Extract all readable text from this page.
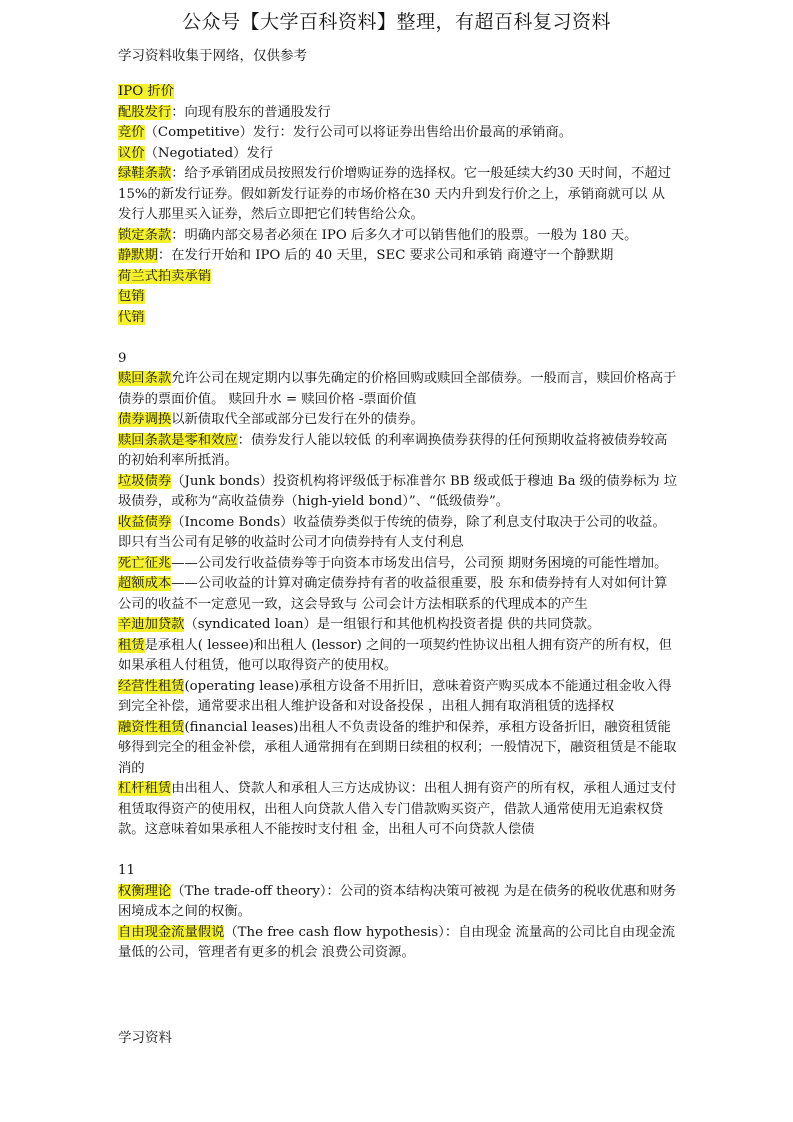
公众号【大学百科资料】整理，有超百科复习资料
学习资料收集于网络，仅供参考

IPO 折价

配股发行：向现有股东的普通股发行

竞价（Competitive）发行：发行公司可以将证券出售给出价最高的承销商。

议价（Negotiated）发行

绿鞋条款：给予承销团成员按照发行价增购证券的选择权。它一般延续大约30 天时间，不超过 15%的新发行证券。假如新发行证券的市场价格在30 天内升到发行价之上，承销商就可以 从发行人那里买入证券，然后立即把它们转售给公众。

锁定条款：明确内部交易者必须在 IPO 后多久才可以销售他们的股票。一般为 180 天。

静默期：在发行开始和 IPO 后的 40 天里，SEC 要求公司和承销 商遵守一个静默期

荷兰式拍卖承销

包销

代销

9

赎回条款允许公司在规定期内以事先确定的价格回购或赎回全部债券。一般而言，赎回价格高于债券的票面价值。 赎回升水 = 赎回价格 -票面价值

债券调换以新债取代全部或部分已发行在外的债券。

赎回条款是零和效应：债券发行人能以较低 的利率调换债券获得的任何预期收益将被债券较高的初始利率所抵消。

垃圾债券（Junk bonds）投资机构将评级低于标准普尔 BB 级或低于穆迪 Ba 级的债券标为 垃圾债券，或称为“高收益债券（high-yield bond）”、“低级债券”。

收益债券（Income Bonds）收益债券类似于传统的债券，除了利息支付取决于公司的收益。即只有当公司有足够的收益时公司才向债券持有人支付利息

死亡征兆——公司发行收益债券等于向资本市场发出信号，公司预 期财务困境的可能性增加。

超额成本——公司收益的计算对确定债券持有者的收益很重要，股 东和债券持有人对如何计算公司的收益不一定意见一致，这会导致与 公司会计方法相联系的代理成本的产生

辛迪加贷款（syndicated loan）是一组银行和其他机构投资者提 供的共同贷款。

租赁是承租人( lessee)和出租人 (lessor) 之间的一项契约性协议出租人拥有资产的所有权，但如果承租人付租赁，他可以取得资产的使用权。

经营性租赁(operating lease)承租方设备不用折旧，意味着资产购买成本不能通过租金收入得到完全补偿，通常要求出租人维护设备和对设备投保 ，出租人拥有取消租赁的选择权

融资性租赁(financial leases)出租人不负责设备的维护和保养，承租方设备折旧，融资租赁能够得到完全的租金补偿，承租人通常拥有在到期日续租的权利；一般情况下，融资租赁是不能取消的

杠杆租赁由出租人、贷款人和承租人三方达成协议：出租人拥有资产的所有权，承租人通过支付租赁取得资产的使用权，出租人向贷款人借入专门借款购买资产，借款人通常使用无追索权贷款。这意味着如果承租人不能按时支付租 金，出租人可不向贷款人偿债

11

权衡理论（The trade-off theory）：公司的资本结构决策可被视 为是在债务的税收优惠和财务困境成本之间的权衡。

自由现金流量假说（The free cash flow hypothesis）：自由现金 流量高的公司比自由现金流量低的公司，管理者有更多的机会 浪费公司资源。

学习资料
